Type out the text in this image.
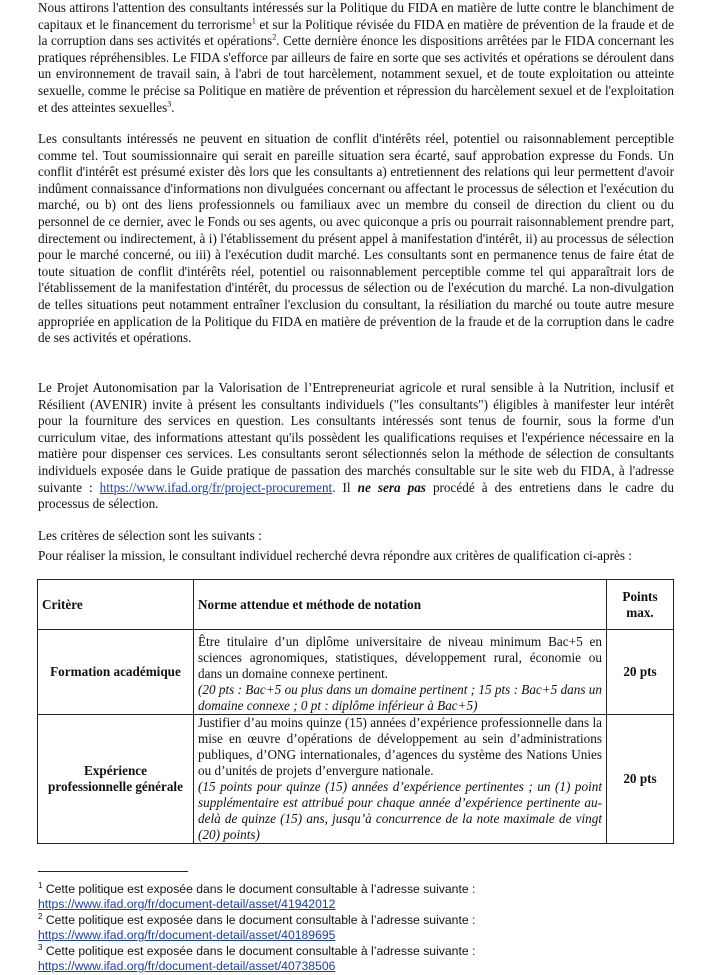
Nous attirons l'attention des consultants intéressés sur la Politique du FIDA en matière de lutte contre le blanchiment de capitaux et le financement du terrorisme$^1$ et sur la Politique révisée du FIDA en matière de prévention de la fraude et de la corruption dans ses activités et opérations$^2$. Cette dernière énonce les dispositions arrêtées par le FIDA concernant les pratiques répréhensibles. Le FIDA s'efforce par ailleurs de faire en sorte que ses activités et opérations se déroulent dans un environnement de travail sain, à l'abri de tout harcèlement, notamment sexuel, et de toute exploitation ou atteinte sexuelle, comme le précise sa Politique en matière de prévention et répression du harcèlement sexuel et de l'exploitation et des atteintes sexuelles$^3$.

Les consultants intéressés ne peuvent en situation de conflit d'intérêts réel, potentiel ou raisonnablement perceptible comme tel. Tout soumissionnaire qui serait en pareille situation sera écarté, sauf approbation expresse du Fonds. Un conflit d'intérêt est présumé exister dès lors que les consultants a) entretiennent des relations qui leur permettent d'avoir indûment connaissance d'informations non divulguées concernant ou affectant le processus de sélection et l'exécution du marché, ou b) ont des liens professionnels ou familiaux avec un membre du conseil de direction du client ou du personnel de ce dernier, avec le Fonds ou ses agents, ou avec quiconque a pris ou pourrait raisonnablement prendre part, directement ou indirectement, à i) l'établissement du présent appel à manifestation d'intérêt, ii) au processus de sélection pour le marché concerné, ou iii) à l'exécution dudit marché. Les consultants sont en permanence tenus de faire état de toute situation de conflit d'intérêts réel, potentiel ou raisonnablement perceptible comme tel qui apparaîtrait lors de l'établissement de la manifestation d'intérêt, du processus de sélection ou de l'exécution du marché. La non-divulgation de telles situations peut notamment entraîner l'exclusion du consultant, la résiliation du marché ou toute autre mesure appropriée en application de la Politique du FIDA en matière de prévention de la fraude et de la corruption dans le cadre de ses activités et opérations.

Le Projet Autonomisation par la Valorisation de l’Entrepreneuriat agricole et rural sensible à la Nutrition, inclusif et Résilient (AVENIR) invite à présent les consultants individuels ("les consultants") éligibles à manifester leur intérêt pour la fourniture des services en question. Les consultants intéressés sont tenus de fournir, sous la forme d'un curriculum vitae, des informations attestant qu'ils possèdent les qualifications requises et l'expérience nécessaire en la matière pour dispenser ces services. Les consultants seront sélectionnés selon la méthode de sélection de consultants individuels exposée dans le Guide pratique de passation des marchés consultable sur le site web du FIDA, à l'adresse suivante : https://www.ifad.org/fr/project-procurement. Il ne sera pas procédé à des entretiens dans le cadre du processus de sélection.

Les critères de sélection sont les suivants :

Pour réaliser la mission, le consultant individuel recherché devra répondre aux critères de qualification ci-après :

Critère	Norme attendue et méthode de notation	Points max.
Formation académique	Être titulaire d’un diplôme universitaire de niveau minimum Bac+5 en sciences agronomiques, statistiques, développement rural, économie ou dans un domaine connexe pertinent.
(20 pts : Bac+5 ou plus dans un domaine pertinent ; 15 pts : Bac+5 dans un domaine connexe ; 0 pt : diplôme inférieur à Bac+5)	20 pts
Expérience professionnelle générale	Justifier d’au moins quinze (15) années d’expérience professionnelle dans la mise en œuvre d’opérations de développement au sein d’administrations publiques, d’ONG internationales, d’agences du système des Nations Unies ou d’unités de projets d’envergure nationale.
(15 points pour quinze (15) années d’expérience pertinentes ; un (1) point supplémentaire est attribué pour chaque année d’expérience pertinente au-delà de quinze (15) ans, jusqu’à concurrence de la note maximale de vingt (20) points)	20 pts

$^1$ Cette politique est exposée dans le document consultable à l’adresse suivante :
https://www.ifad.org/fr/document-detail/asset/41942012

$^2$ Cette politique est exposée dans le document consultable à l’adresse suivante :
https://www.ifad.org/fr/document-detail/asset/40189695

$^3$ Cette politique est exposée dans le document consultable à l’adresse suivante :
https://www.ifad.org/fr/document-detail/asset/40738506
